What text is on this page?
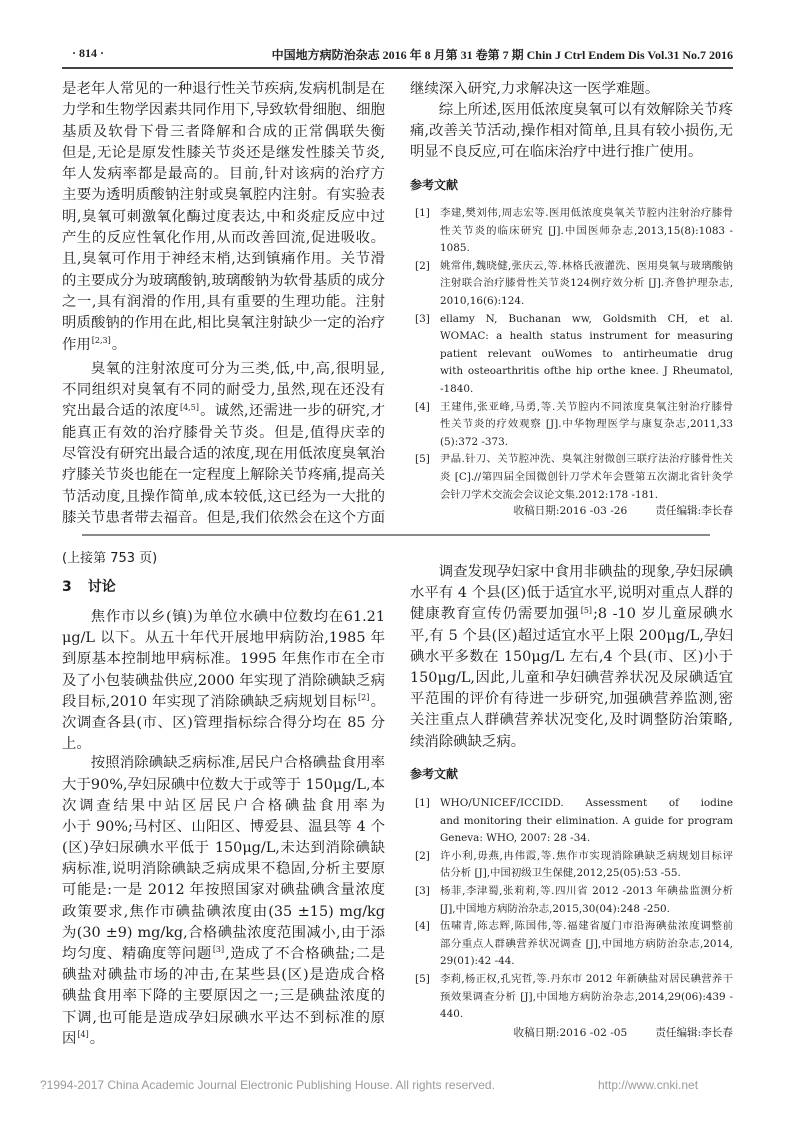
· 814 ·	中国地方病防治杂志 2016 年 8 月第 31 卷第 7 期 Chin J Ctrl Endem Dis Vol.31 No.7 2016
是老年人常见的一种退行性关节疾病,发病机制是在
力学和生物学因素共同作用下,导致软骨细胞、细胞
基质及软骨下骨三者降解和合成的正常偶联失衡
但是,无论是原发性膝关节炎还是继发性膝关节炎,
年人发病率都是最高的。目前,针对该病的治疗方
主要为透明质酸钠注射或臭氧腔内注射。有实验表
明,臭氧可刺激氧化酶过度表达,中和炎症反应中过
产生的反应性氧化作用,从而改善回流,促进吸收。
且,臭氧可作用于神经末梢,达到镇痛作用。关节滑
的主要成分为玻璃酸钠,玻璃酸钠为软骨基质的成分
之一,具有润滑的作用,具有重要的生理功能。注射
明质酸钠的作用在此,相比臭氧注射缺少一定的治疗
作用[2,3]。
臭氧的注射浓度可分为三类,低,中,高,很明显,
不同组织对臭氧有不同的耐受力,虽然,现在还没有
究出最合适的浓度[4,5]。诚然,还需进一步的研究,才
能真正有效的治疗膝骨关节炎。但是,值得庆幸的
尽管没有研究出最合适的浓度,现在用低浓度臭氧治
疗膝关节炎也能在一定程度上解除关节疼痛,提高关
节活动度,且操作简单,成本较低,这已经为一大批的
膝关节患者带去福音。但是,我们依然会在这个方面
继续深入研究,力求解决这一医学难题。
综上所述,医用低浓度臭氧可以有效解除关节疼
痛,改善关节活动,操作相对简单,且具有较小损伤,无
明显不良反应,可在临床治疗中进行推广使用。
参考文献
[1] 李建,樊刘伟,周志宏等.医用低浓度臭氧关节腔内注射治疗膝骨
性关节炎的临床研究 [J].中国医师杂志,2013,15(8):1083 -
1085.
[2] 姚常伟,魏晓健,张庆云,等.林格氏液灌洗、医用臭氧与玻璃酸钠
注射联合治疗膝骨性关节炎124例疗效分析 [J].齐鲁护理杂志,
2010,16(6):124.
[3] ellamy N, Buchanan ww, Goldsmith CH, et al.
WOMAC: a health status instrument for measuring
patient relevant ouWomes to antirheumatie drug
with osteoarthritis ofthe hip orthe knee. J Rheumatol,
-1840.
[4] 王建伟,张亚峰,马勇,等.关节腔内不同浓度臭氧注射治疗膝骨
性关节炎的疗效观察 [J].中华物理医学与康复杂志,2011,33
(5):372 -373.
[5] 尹晶.针刀、关节腔冲洗、臭氧注射微创三联疗法治疗膝骨性关
炎 [C].//第四届全国微创针刀学术年会暨第五次湖北省针灸学
会针刀学术交流会会议论文集.2012:178 -181.
收稿日期:2016 -03 -26	责任编辑:李长春
(上接第 753 页)
3 讨论
焦作市以乡(镇)为单位水碘中位数均在61.21
μg/L 以下。从五十年代开展地甲病防治,1985 年
到原基本控制地甲病标准。1995 年焦作市在全市
及了小包装碘盐供应,2000 年实现了消除碘缺乏病
段目标,2010 年实现了消除碘缺乏病规划目标[2]。
次调查各县(市、区)管理指标综合得分均在 85 分
上。
按照消除碘缺乏病标准,居民户合格碘盐食用率
大于90%,孕妇尿碘中位数大于或等于 150μg/L,本
次调查结果中站区居民户合格碘盐食用率为
小于 90%;马村区、山阳区、博爱县、温县等 4 个
(区)孕妇尿碘水平低于 150μg/L,未达到消除碘缺
病标准,说明消除碘缺乏病成果不稳固,分析主要原
可能是:一是 2012 年按照国家对碘盐碘含量浓度
政策要求,焦作市碘盐碘浓度由(35 ±15) mg/kg
为(30 ±9) mg/kg,合格碘盐浓度范围减小,由于添
均匀度、精确度等问题[3],造成了不合格碘盐;二是
碘盐对碘盐市场的冲击,在某些县(区)是造成合格
碘盐食用率下降的主要原因之一;三是碘盐浓度的
下调,也可能是造成孕妇尿碘水平达不到标准的原
因[4]。
调查发现孕妇家中食用非碘盐的现象,孕妇尿碘
水平有 4 个县(区)低于适宜水平,说明对重点人群的
健康教育宣传仍需要加强[5];8 -10 岁儿童尿碘水
平,有 5 个县(区)超过适宜水平上限 200μg/L,孕妇
碘水平多数在 150μg/L 左右,4 个县(市、区)小于
150μg/L,因此,儿童和孕妇碘营养状况及尿碘适宜
平范围的评价有待进一步研究,加强碘营养监测,密
关注重点人群碘营养状况变化,及时调整防治策略,
续消除碘缺乏病。
参考文献
[1] WHO/UNICEF/ICCIDD. Assessment of iodine
and monitoring their elimination. A guide for program
Geneva: WHO, 2007: 28 -34.
[2] 许小利,毋燕,冉伟霞,等.焦作市实现消除碘缺乏病规划目标评
估分析 [J],中国初级卫生保健,2012,25(05):53 -55.
[3] 杨菲,李津蜀,张莉莉,等.四川省 2012 -2013 年碘盐监测分析
[J],中国地方病防治杂志,2015,30(04):248 -250.
[4] 伍啸青,陈志辉,陈国伟,等.福建省厦门市沿海碘盐浓度调整前
部分重点人群碘营养状况调查 [J],中国地方病防治杂志,2014,
29(01):42 -44.
[5] 李莉,杨正权,孔宪哲,等.丹东市 2012 年新碘盐对居民碘营养干
预效果调查分析 [J],中国地方病防治杂志,2014,29(06):439 -
440.
收稿日期:2016 -02 -05	责任编辑:李长春
?1994-2017 China Academic Journal Electronic Publishing House. All rights reserved.	http://www.cnki.net
